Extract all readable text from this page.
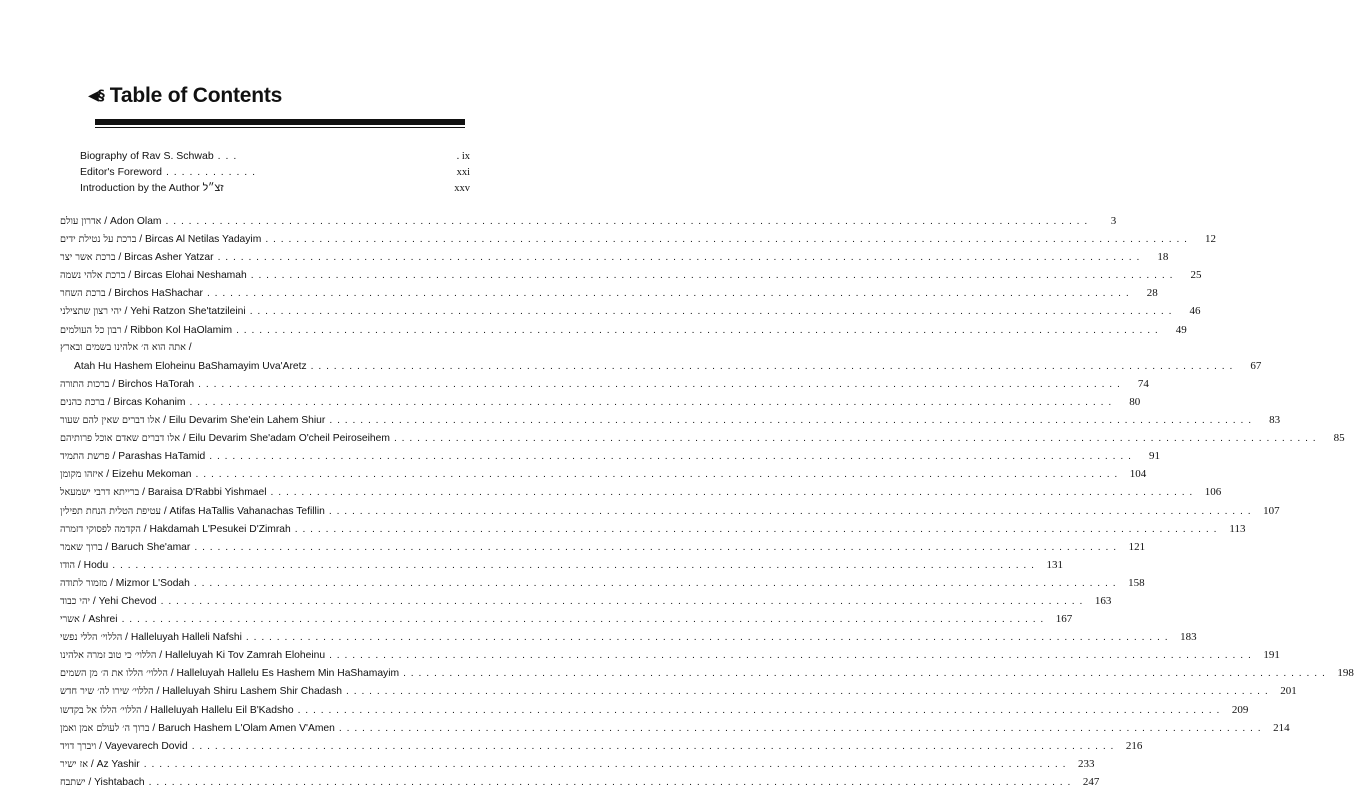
◀§ Table of Contents
Biography of Rav S. Schwab . . .	. ix
Editor's Foreword . . . . . . . . . . . .	xxi
Introduction by the Author זצ״ל	xxv
אדרון עולם / Adon Olam . . . . . . . . . . . . . . . . . . . . . . . . . . . . . . . . . . . . . . . . . . . . . . . . . . . . . . . . . . . . . . . . . . . . . . . . . . . . . . . . . . . . . . . . . . . . . . . . . . . . . . . . . . . . . . . . . . . . . . . .	3
ברכת על נטילת ידים / Bircas Al Netilas Yadayim . . . . . . . . . . . . . . . . . . . . . . . . . . . . . . . . . . . . . . . . . . . . . . . . . . . . . . . . . . . . . . . . . . . . . . . . . . . . . . . . . . . . . . . . . . . . . . . . . . . . . . . . . . . . . . . . . . . . . . . .	12
ברכת אשר יצר / Bircas Asher Yatzar . . . . . . . . . . . . . . . . . . . . . . . . . . . . . . . . . . . . . . . . . . . . . . . . . . . . . . . . . . . . . . . . . . . . . . . . . . . . . . . . . . . . . . . . . . . . . . . . . . . . . . . . . . . . . . . . . . . . . . . .	18
ברכת אלהי נשמה / Bircas Elohai Neshamah . . . . . . . . . . . . . . . . . . . . . . . . . . . . . . . . . . . . . . . . . . . . . . . . . . . . . . . . . . . . . . . . . . . . . . . . . . . . . . . . . . . . . . . . . . . . . . . . . . . . . . . . . . . . . . . . . . . . . . . .	25
ברכת השחר / Birchos HaShachar . . . . . . . . . . . . . . . . . . . . . . . . . . . . . . . . . . . . . . . . . . . . . . . . . . . . . . . . . . . . . . . . . . . . . . . . . . . . . . . . . . . . . . . . . . . . . . . . . . . . . . . . . . . . . . . . . . . . . . . .	28
יהי רצון שתצילני / Yehi Ratzon She'tatzileini . . . . . . . . . . . . . . . . . . . . . . . . . . . . . . . . . . . . . . . . . . . . . . . . . . . . . . . . . . . . . . . . . . . . . . . . . . . . . . . . . . . . . . . . . . . . . . . . . . . . . . . . . . . . . . . . . . . . . . . .	46
רבון כל העולמים / Ribbon Kol HaOlamim . . . . . . . . . . . . . . . . . . . . . . . . . . . . . . . . . . . . . . . . . . . . . . . . . . . . . . . . . . . . . . . . . . . . . . . . . . . . . . . . . . . . . . . . . . . . . . . . . . . . . . . . . . . . . . . . . . . . . . . .	49
אתה הוא ה׳ אלהינו בשמים ובארץ /
Atah Hu Hashem Eloheinu BaShamayim Uva'Aretz . . . . . . . . . . . . . . . . . . . . . . . . . . . . . . . . . . . . . . . . . . . . . . . . . . . . . . . . . . . . . . . . . . . . . . . . . . . . . . . . . . . . . . . . . . . . . . . . . . . . . . . . . . . . . . . . . . . . . . . .	67
ברכות התורה / Birchos HaTorah . . . . . . . . . . . . . . . . . . . . . . . . . . . . . . . . . . . . . . . . . . . . . . . . . . . . . . . . . . . . . . . . . . . . . . . . . . . . . . . . . . . . . . . . . . . . . . . . . . . . . . . . . . . . . . . . . . . . . . . .	74
ברכת כהנים / Bircas Kohanim . . . . . . . . . . . . . . . . . . . . . . . . . . . . . . . . . . . . . . . . . . . . . . . . . . . . . . . . . . . . . . . . . . . . . . . . . . . . . . . . . . . . . . . . . . . . . . . . . . . . . . . . . . . . . . . . . . . . . . . .	80
אלו דברים שאין להם שעור / Eilu Devarim She'ein Lahem Shiur . . . . . . . . . . . . . . . . . . . . . . . . . . . . . . . . . . . . . . . . . . . . . . . . . . . . . . . . . . . . . . . . . . . . . . . . . . . . . . . . . . . . . . . . . . . . . . . . . . . . . . . . . . . . . . . . . . . . . . . .	83
אלו דברים שאדם אוכל פרותיהם / Eilu Devarim She'adam O'cheil Peiroseihem . . . . . . . . . . . . . . . . . . . . . . . . . . . . . . . . . . . . . . . . . . . . . . . . . . . . . . . . . . . . . . . . . . . . . . . . . . . . . . . . . . . . . . . . . . . . . . . . . . . . . . . . . . . . . . . . . . . . . . . .	85
פרשת התמיד / Parashas HaTamid . . . . . . . . . . . . . . . . . . . . . . . . . . . . . . . . . . . . . . . . . . . . . . . . . . . . . . . . . . . . . . . . . . . . . . . . . . . . . . . . . . . . . . . . . . . . . . . . . . . . . . . . . . . . . . . . . . . . . . . .	91
איזהו מקומן / Eizehu Mekoman . . . . . . . . . . . . . . . . . . . . . . . . . . . . . . . . . . . . . . . . . . . . . . . . . . . . . . . . . . . . . . . . . . . . . . . . . . . . . . . . . . . . . . . . . . . . . . . . . . . . . . . . . . . . . . . . . . . . . . . .	104
ברייתא דרבי ישמעאל / Baraisa D'Rabbi Yishmael . . . . . . . . . . . . . . . . . . . . . . . . . . . . . . . . . . . . . . . . . . . . . . . . . . . . . . . . . . . . . . . . . . . . . . . . . . . . . . . . . . . . . . . . . . . . . . . . . . . . . . . . . . . . . . . . . . . . . . . .	106
עטיפת הטלית הנחת תפילין / Atifas HaTallis Vahanachas Tefillin . . . . . . . . . . . . . . . . . . . . . . . . . . . . . . . . . . . . . . . . . . . . . . . . . . . . . . . . . . . . . . . . . . . . . . . . . . . . . . . . . . . . . . . . . . . . . . . . . . . . . . . . . . . . . . . . . . . . . . . .	107
הקדמה לפסוקי דזמרה / Hakdamah L'Pesukei D'Zimrah . . . . . . . . . . . . . . . . . . . . . . . . . . . . . . . . . . . . . . . . . . . . . . . . . . . . . . . . . . . . . . . . . . . . . . . . . . . . . . . . . . . . . . . . . . . . . . . . . . . . . . . . . . . . . . . . . . . . . . . .	113
ברוך שאמר / Baruch She'amar . . . . . . . . . . . . . . . . . . . . . . . . . . . . . . . . . . . . . . . . . . . . . . . . . . . . . . . . . . . . . . . . . . . . . . . . . . . . . . . . . . . . . . . . . . . . . . . . . . . . . . . . . . . . . . . . . . . . . . . .	121
הודו / Hodu . . . . . . . . . . . . . . . . . . . . . . . . . . . . . . . . . . . . . . . . . . . . . . . . . . . . . . . . . . . . . . . . . . . . . . . . . . . . . . . . . . . . . . . . . . . . . . . . . . . . . . . . . . . . . . . . . . . . . . . .	131
מזמור לתודה / Mizmor L'Sodah . . . . . . . . . . . . . . . . . . . . . . . . . . . . . . . . . . . . . . . . . . . . . . . . . . . . . . . . . . . . . . . . . . . . . . . . . . . . . . . . . . . . . . . . . . . . . . . . . . . . . . . . . . . . . . . . . . . . . . . .	158
יהי כבוד / Yehi Chevod . . . . . . . . . . . . . . . . . . . . . . . . . . . . . . . . . . . . . . . . . . . . . . . . . . . . . . . . . . . . . . . . . . . . . . . . . . . . . . . . . . . . . . . . . . . . . . . . . . . . . . . . . . . . . . . . . . . . . . . .	163
אשרי / Ashrei . . . . . . . . . . . . . . . . . . . . . . . . . . . . . . . . . . . . . . . . . . . . . . . . . . . . . . . . . . . . . . . . . . . . . . . . . . . . . . . . . . . . . . . . . . . . . . . . . . . . . . . . . . . . . . . . . . . . . . . .	167
הללוי׳ הללי נפשי / Halleluyah Halleli Nafshi . . . . . . . . . . . . . . . . . . . . . . . . . . . . . . . . . . . . . . . . . . . . . . . . . . . . . . . . . . . . . . . . . . . . . . . . . . . . . . . . . . . . . . . . . . . . . . . . . . . . . . . . . . . . . . . . . . . . . . . .	183
הללוי׳ כי טוב זמרה אלהינו / Halleluyah Ki Tov Zamrah Eloheinu . . . . . . . . . . . . . . . . . . . . . . . . . . . . . . . . . . . . . . . . . . . . . . . . . . . . . . . . . . . . . . . . . . . . . . . . . . . . . . . . . . . . . . . . . . . . . . . . . . . . . . . . . . . . . . . . . . . . . . . .	191
הללוי׳ הללו את ה׳ מן השמים / Halleluyah Hallelu Es Hashem Min HaShamayim . . . . . . . . . . . . . . . . . . . . . . . . . . . . . . . . . . . . . . . . . . . . . . . . . . . . . . . . . . . . . . . . . . . . . . . . . . . . . . . . . . . . . . . . . . . . . . . . . . . . . . . . . . . . . . . . . . . . . . . .	198
הללוי׳ שירו לה׳ שיר חדש / Halleluyah Shiru Lashem Shir Chadash . . . . . . . . . . . . . . . . . . . . . . . . . . . . . . . . . . . . . . . . . . . . . . . . . . . . . . . . . . . . . . . . . . . . . . . . . . . . . . . . . . . . . . . . . . . . . . . . . . . . . . . . . . . . . . . . . . . . . . . .	201
הללוי׳ הללו אל בקדשו / Halleluyah Hallelu Eil B'Kadsho . . . . . . . . . . . . . . . . . . . . . . . . . . . . . . . . . . . . . . . . . . . . . . . . . . . . . . . . . . . . . . . . . . . . . . . . . . . . . . . . . . . . . . . . . . . . . . . . . . . . . . . . . . . . . . . . . . . . . . . .	209
ברוך ה׳ לעולם אמן ואמן / Baruch Hashem L'Olam Amen V'Amen . . . . . . . . . . . . . . . . . . . . . . . . . . . . . . . . . . . . . . . . . . . . . . . . . . . . . . . . . . . . . . . . . . . . . . . . . . . . . . . . . . . . . . . . . . . . . . . . . . . . . . . . . . . . . . . . . . . . . . . .	214
ויברך דויד / Vayevarech Dovid . . . . . . . . . . . . . . . . . . . . . . . . . . . . . . . . . . . . . . . . . . . . . . . . . . . . . . . . . . . . . . . . . . . . . . . . . . . . . . . . . . . . . . . . . . . . . . . . . . . . . . . . . . . . . . . . . . . . . . . .	216
אז ישיר / Az Yashir . . . . . . . . . . . . . . . . . . . . . . . . . . . . . . . . . . . . . . . . . . . . . . . . . . . . . . . . . . . . . . . . . . . . . . . . . . . . . . . . . . . . . . . . . . . . . . . . . . . . . . . . . . . . . . . . . . . . . . . .	233
ישתבח / Yishtabach . . . . . . . . . . . . . . . . . . . . . . . . . . . . . . . . . . . . . . . . . . . . . . . . . . . . . . . . . . . . . . . . . . . . . . . . . . . . . . . . . . . . . . . . . . . . . . . . . . . . . . . . . . . . . . . . . . . . . . . .	247
